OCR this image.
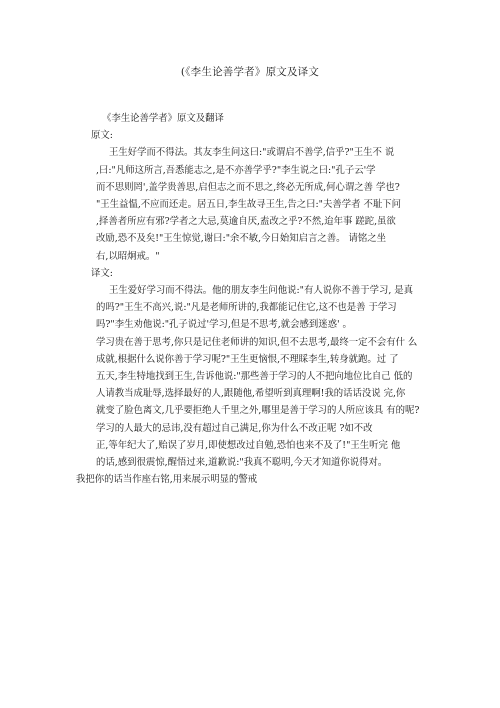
(《李生论善学者》原文及译文
《李生论善学者》原文及翻译
原文:
王生好学而不得法。其友李生问这曰:"或谓启不善学,信乎?"王生不 说
,曰:"凡师这所言,吾悉能志之,是不亦善学乎?"李生说之曰:"孔子云'学
而不思则罔',盖学贵善思,启但志之而不思之,终必无所成,何心谓之善 学也?
"王生益愠,不应而还走。居五日,李生故寻王生,告之曰:"夫善学者 不耻下问
,择善者所应有邪?学者之大忌,莫逾自厌,盍改之乎?不然,迨年事 蹉跎,虽欲
改励,恐不及矣!"王生惊觉,谢曰:"余不敏,今日始知启言之善。 请铭之坐
右,以昭炯戒。"
译文:
王生爱好学习而不得法。他的朋友李生问他说:"有人说你不善于学习, 是真
的吗?"王生不高兴,说:"凡是老师所讲的,我都能记住它,这不也是善 于学习
吗?"李生劝他说:"孔子说过'学习,但是不思考,就会感到迷惑' 。
学习贵在善于思考,你只是记住老师讲的知识,但不去思考,最终一定不会有什 么
成就,根据什么说你善于学习呢?"王生更恼恨,不理睬李生,转身就跑。过 了
五天,李生特地找到王生,告诉他说:"那些善于学习的人不把向地位比自己 低的
人请教当成耻辱,选择最好的人,跟随他,希望听到真理啊!我的话话没说 完,你
就变了脸色离文,几乎要拒绝人千里之外,哪里是善于学习的人所应该具 有的呢?
学习的人最大的忌讳,没有超过自己满足,你为什么不改正呢 ?如不改
正,等年纪大了,贻误了岁月,即使想改过自勉,恐怕也来不及了!"王生听完 他
的话,感到很震惊,醒悟过来,道歉说:"我真不聪明,今天才知道你说得对。
我把你的话当作座右铭,用来展示明显的警戒
